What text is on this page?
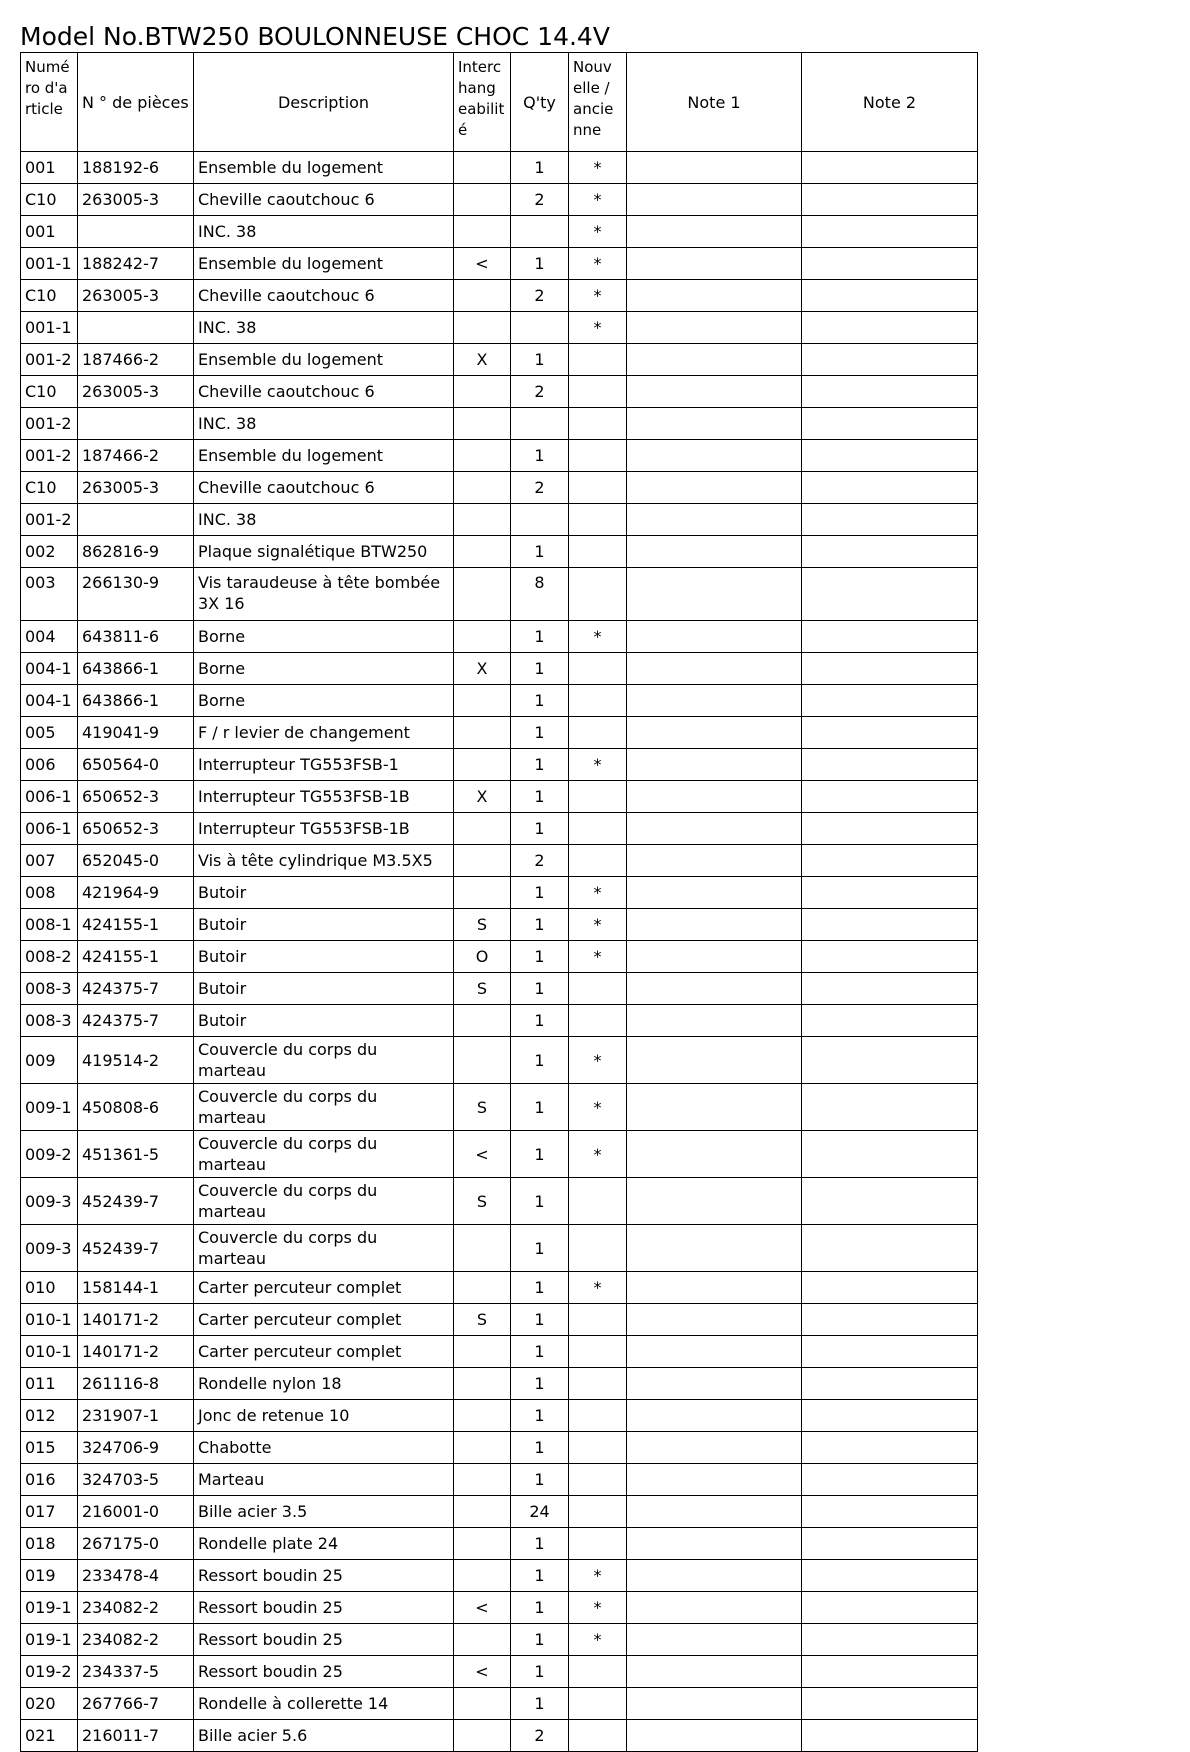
Model No.BTW250 BOULONNEUSE CHOC 14.4V
Numé ro d'a rticle	N ° de pièces	Description	Interc hang eabilit é	Q'ty	Nouv elle / ancie nne	Note 1	Note 2
001	188192-6	Ensemble du logement		1	*		
C10	263005-3	Cheville caoutchouc 6		2	*		
001		INC. 38			*		
001-1	188242-7	Ensemble du logement	<	1	*		
C10	263005-3	Cheville caoutchouc 6		2	*		
001-1		INC. 38			*		
001-2	187466-2	Ensemble du logement	X	1			
C10	263005-3	Cheville caoutchouc 6		2			
001-2		INC. 38					
001-2	187466-2	Ensemble du logement		1			
C10	263005-3	Cheville caoutchouc 6		2			
001-2		INC. 38					
002	862816-9	Plaque signalétique BTW250		1			
003	266130-9	Vis taraudeuse à tête bombée 3X 16		8			
004	643811-6	Borne		1	*		
004-1	643866-1	Borne	X	1			
004-1	643866-1	Borne		1			
005	419041-9	F / r levier de changement		1			
006	650564-0	Interrupteur TG553FSB-1		1	*		
006-1	650652-3	Interrupteur TG553FSB-1B	X	1			
006-1	650652-3	Interrupteur TG553FSB-1B		1			
007	652045-0	Vis à tête cylindrique M3.5X5		2			
008	421964-9	Butoir		1	*		
008-1	424155-1	Butoir	S	1	*		
008-2	424155-1	Butoir	O	1	*		
008-3	424375-7	Butoir	S	1			
008-3	424375-7	Butoir		1			
009	419514-2	Couvercle du corps du marteau		1	*		
009-1	450808-6	Couvercle du corps du marteau	S	1	*		
009-2	451361-5	Couvercle du corps du marteau	<	1	*		
009-3	452439-7	Couvercle du corps du marteau	S	1			
009-3	452439-7	Couvercle du corps du marteau		1			
010	158144-1	Carter percuteur complet		1	*		
010-1	140171-2	Carter percuteur complet	S	1			
010-1	140171-2	Carter percuteur complet		1			
011	261116-8	Rondelle nylon 18		1			
012	231907-1	Jonc de retenue 10		1			
015	324706-9	Chabotte		1			
016	324703-5	Marteau		1			
017	216001-0	Bille acier 3.5		24			
018	267175-0	Rondelle plate 24		1			
019	233478-4	Ressort boudin 25		1	*		
019-1	234082-2	Ressort boudin 25	<	1	*		
019-1	234082-2	Ressort boudin 25		1	*		
019-2	234337-5	Ressort boudin 25	<	1			
020	267766-7	Rondelle à collerette 14		1			
021	216011-7	Bille acier 5.6		2			
